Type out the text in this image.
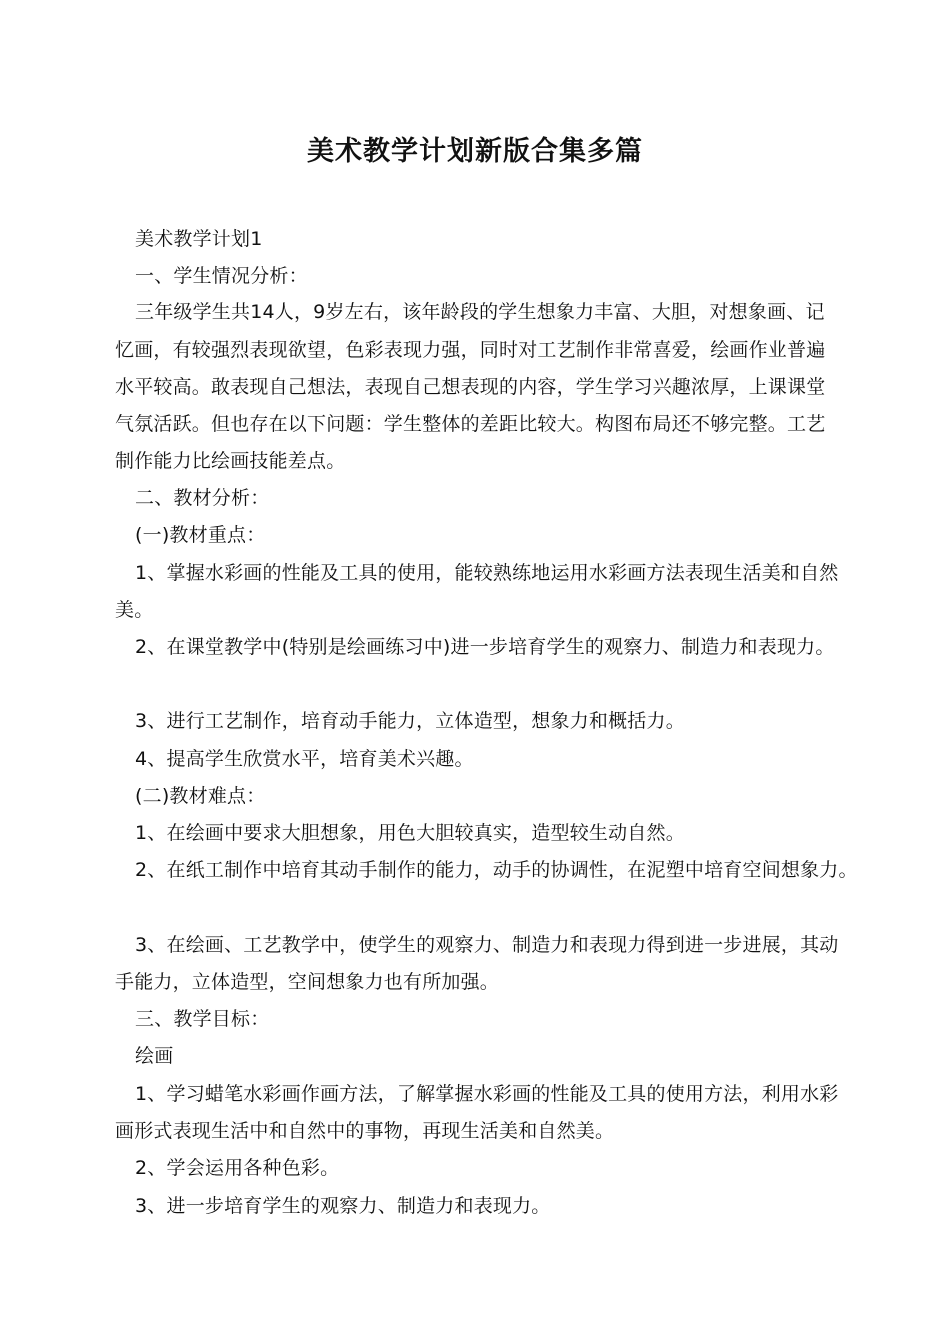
美术教学计划新版合集多篇
美术教学计划1
一、学生情况分析：
三年级学生共14人，9岁左右，该年龄段的学生想象力丰富、大胆，对想象画、记
忆画，有较强烈表现欲望，色彩表现力强，同时对工艺制作非常喜爱，绘画作业普遍
水平较高。敢表现自己想法，表现自己想表现的内容，学生学习兴趣浓厚，上课课堂
气氛活跃。但也存在以下问题：学生整体的差距比较大。构图布局还不够完整。工艺
制作能力比绘画技能差点。
二、教材分析：
(一)教材重点：
1、掌握水彩画的性能及工具的使用，能较熟练地运用水彩画方法表现生活美和自然
美。
2、在课堂教学中(特别是绘画练习中)进一步培育学生的观察力、制造力和表现力。
3、进行工艺制作，培育动手能力，立体造型，想象力和概括力。
4、提高学生欣赏水平，培育美术兴趣。
(二)教材难点：
1、在绘画中要求大胆想象，用色大胆较真实，造型较生动自然。
2、在纸工制作中培育其动手制作的能力，动手的协调性，在泥塑中培育空间想象力。
3、在绘画、工艺教学中，使学生的观察力、制造力和表现力得到进一步进展，其动
手能力，立体造型，空间想象力也有所加强。
三、教学目标：
绘画
1、学习蜡笔水彩画作画方法，了解掌握水彩画的性能及工具的使用方法，利用水彩
画形式表现生活中和自然中的事物，再现生活美和自然美。
2、学会运用各种色彩。
3、进一步培育学生的观察力、制造力和表现力。
